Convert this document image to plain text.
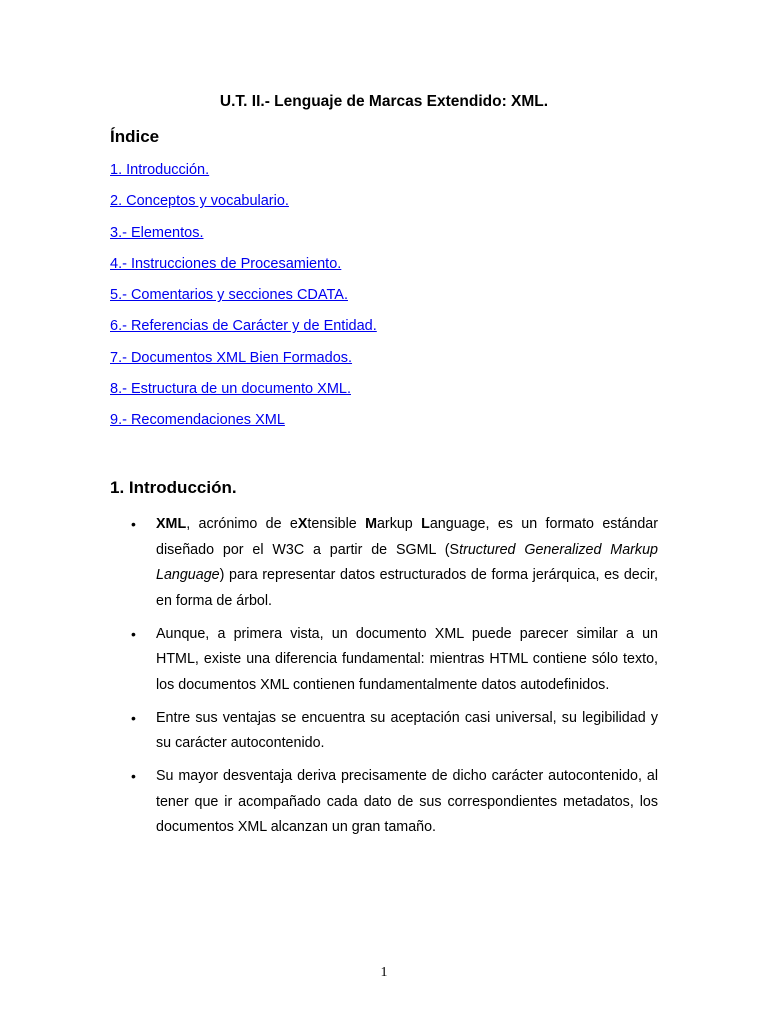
U.T. II.- Lenguaje de Marcas Extendido: XML.
Índice
1. Introducción.
2. Conceptos y vocabulario.
3.- Elementos.
4.- Instrucciones de Procesamiento.
5.- Comentarios y secciones CDATA.
6.- Referencias de Carácter y de Entidad.
7.- Documentos XML Bien Formados.
8.- Estructura de un documento XML.
9.- Recomendaciones XML
1. Introducción.
• XML, acrónimo de eXtensible Markup Language, es un formato estándar diseñado por el W3C a partir de SGML (Structured Generalized Markup Language) para representar datos estructurados de forma jerárquica, es decir, en forma de árbol.
• Aunque, a primera vista, un documento XML puede parecer similar a un HTML, existe una diferencia fundamental: mientras HTML contiene sólo texto, los documentos XML contienen fundamentalmente datos autodefinidos.
• Entre sus ventajas se encuentra su aceptación casi universal, su legibilidad y su carácter autocontenido.
• Su mayor desventaja deriva precisamente de dicho carácter autocontenido, al tener que ir acompañado cada dato de sus correspondientes metadatos, los documentos XML alcanzan un gran tamaño.
1
